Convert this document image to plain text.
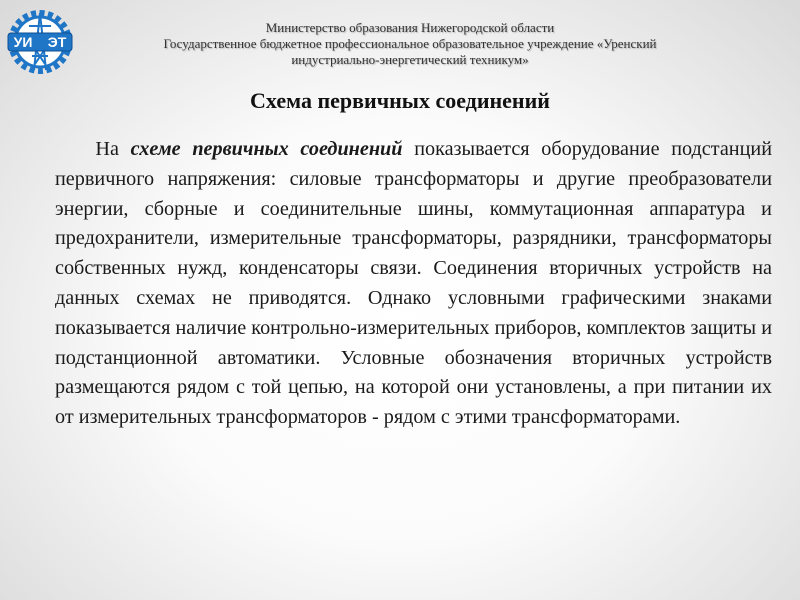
УИ ЭТ
Министерство образования Нижегородской области
Государственное бюджетное профессиональное образовательное учреждение «Уренский
индустриально-энергетический техникум»
Схема первичных соединений

На схеме первичных соединений показывается оборудование подстанций первичного напряжения: силовые трансформаторы и другие преобразователи энергии, сборные и соединительные шины, коммутационная аппаратура и предохранители, измерительные трансформаторы, разрядники, трансформаторы собственных нужд, конденсаторы связи. Соединения вторичных устройств на данных схемах не приводятся. Однако условными графическими знаками показывается наличие контрольно-измерительных приборов, комплектов защиты и подстанционной автоматики. Условные обозначения вторичных устройств размещаются рядом с той цепью, на которой они установлены, а при питании их от измерительных трансформаторов - рядом с этими трансформаторами.
